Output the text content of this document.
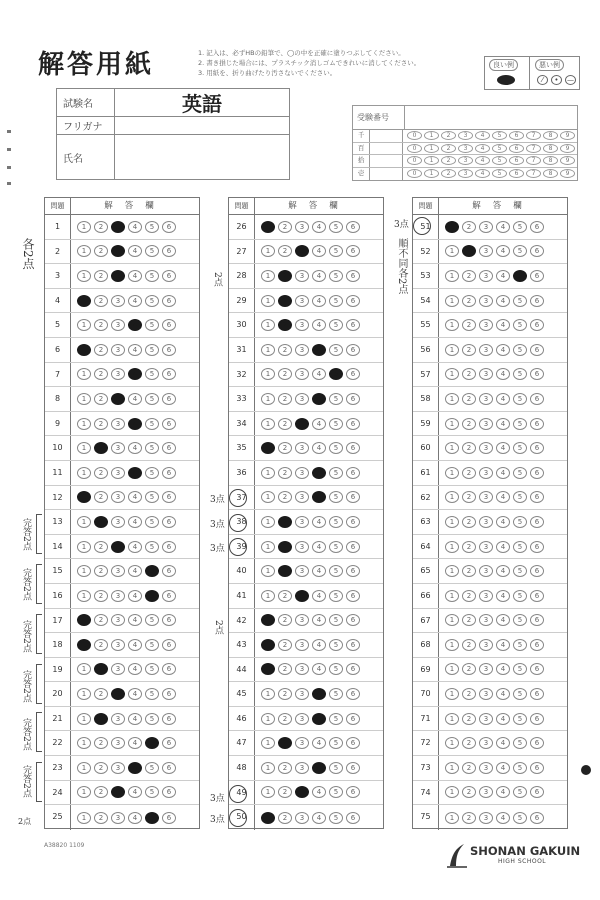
解答用紙	1. 記入は、必ずHBの鉛筆で、◯の中を正確に塗りつぶしてください。
2. 書き損じた場合には、プラスチック消しゴムできれいに消してください。
3. 用紙を、折り曲げたり汚さないでください。
良い例	悪い例
⁄	•	—
試験名	英語
フリガナ
氏名
受験番号
千	0	1	2	3	4	5	6	7	8	9
百	0	1	2	3	4	5	6	7	8	9
拾	0	1	2	3	4	5	6	7	8	9
壱	0	1	2	3	4	5	6	7	8	9
問題	解答欄
1	1	2	3	4	5	6
2	1	2	3	4	5	6
3	1	2	3	4	5	6
4	1	2	3	4	5	6
5	1	2	3	4	5	6
6	1	2	3	4	5	6
7	1	2	3	4	5	6
8	1	2	3	4	5	6
9	1	2	3	4	5	6
10	1	2	3	4	5	6
11	1	2	3	4	5	6
12	1	2	3	4	5	6
13	1	2	3	4	5	6
14	1	2	3	4	5	6
15	1	2	3	4	5	6
16	1	2	3	4	5	6
17	1	2	3	4	5	6
18	1	2	3	4	5	6
19	1	2	3	4	5	6
20	1	2	3	4	5	6
21	1	2	3	4	5	6
22	1	2	3	4	5	6
23	1	2	3	4	5	6
24	1	2	3	4	5	6
25	1	2	3	4	5	6
問題	解答欄
26	1	2	3	4	5	6
27	1	2	3	4	5	6
28	1	2	3	4	5	6
29	1	2	3	4	5	6
30	1	2	3	4	5	6
31	1	2	3	4	5	6
32	1	2	3	4	5	6
33	1	2	3	4	5	6
34	1	2	3	4	5	6
35	1	2	3	4	5	6
36	1	2	3	4	5	6
37	1	2	3	4	5	6
38	1	2	3	4	5	6
39	1	2	3	4	5	6
40	1	2	3	4	5	6
41	1	2	3	4	5	6
42	1	2	3	4	5	6
43	1	2	3	4	5	6
44	1	2	3	4	5	6
45	1	2	3	4	5	6
46	1	2	3	4	5	6
47	1	2	3	4	5	6
48	1	2	3	4	5	6
49	1	2	3	4	5	6
50	1	2	3	4	5	6
問題	解答欄
51	1	2	3	4	5	6
52	1	2	3	4	5	6
53	1	2	3	4	5	6
54	1	2	3	4	5	6
55	1	2	3	4	5	6
56	1	2	3	4	5	6
57	1	2	3	4	5	6
58	1	2	3	4	5	6
59	1	2	3	4	5	6
60	1	2	3	4	5	6
61	1	2	3	4	5	6
62	1	2	3	4	5	6
63	1	2	3	4	5	6
64	1	2	3	4	5	6
65	1	2	3	4	5	6
66	1	2	3	4	5	6
67	1	2	3	4	5	6
68	1	2	3	4	5	6
69	1	2	3	4	5	6
70	1	2	3	4	5	6
71	1	2	3	4	5	6
72	1	2	3	4	5	6
73	1	2	3	4	5	6
74	1	2	3	4	5	6
75	1	2	3	4	5	6
各2点
完答2点
完答2点
完答2点
完答2点
完答2点
完答2点
2点
2点
3点
3点
3点
2点
3点
3点
3点
順不同各2点
A38820 1109	SHONAN GAKUIN
HIGH SCHOOL
